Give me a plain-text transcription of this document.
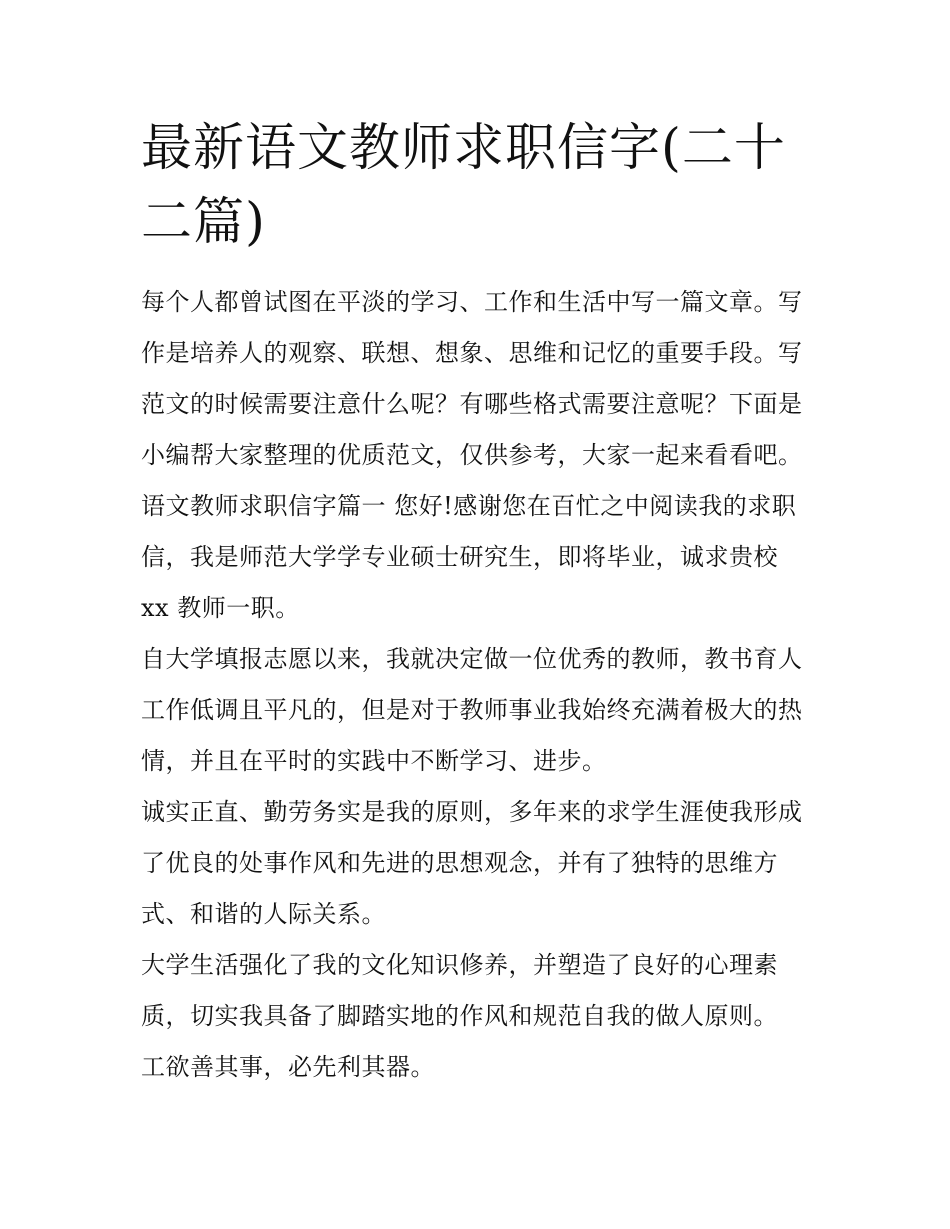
最新语文教师求职信字(二十二篇)
每个人都曾试图在平淡的学习、工作和生活中写一篇文章。写
作是培养人的观察、联想、想象、思维和记忆的重要手段。写
范文的时候需要注意什么呢？有哪些格式需要注意呢？下面是
小编帮大家整理的优质范文，仅供参考，大家一起来看看吧。
语文教师求职信字篇一 您好!感谢您在百忙之中阅读我的求职
信，我是师范大学学专业硕士研究生，即将毕业，诚求贵校
xx 教师一职。
自大学填报志愿以来，我就决定做一位优秀的教师，教书育人
工作低调且平凡的，但是对于教师事业我始终充满着极大的热
情，并且在平时的实践中不断学习、进步。
诚实正直、勤劳务实是我的原则，多年来的求学生涯使我形成
了优良的处事作风和先进的思想观念，并有了独特的思维方
式、和谐的人际关系。
大学生活强化了我的文化知识修养，并塑造了良好的心理素
质，切实我具备了脚踏实地的作风和规范自我的做人原则。
工欲善其事，必先利其器。
